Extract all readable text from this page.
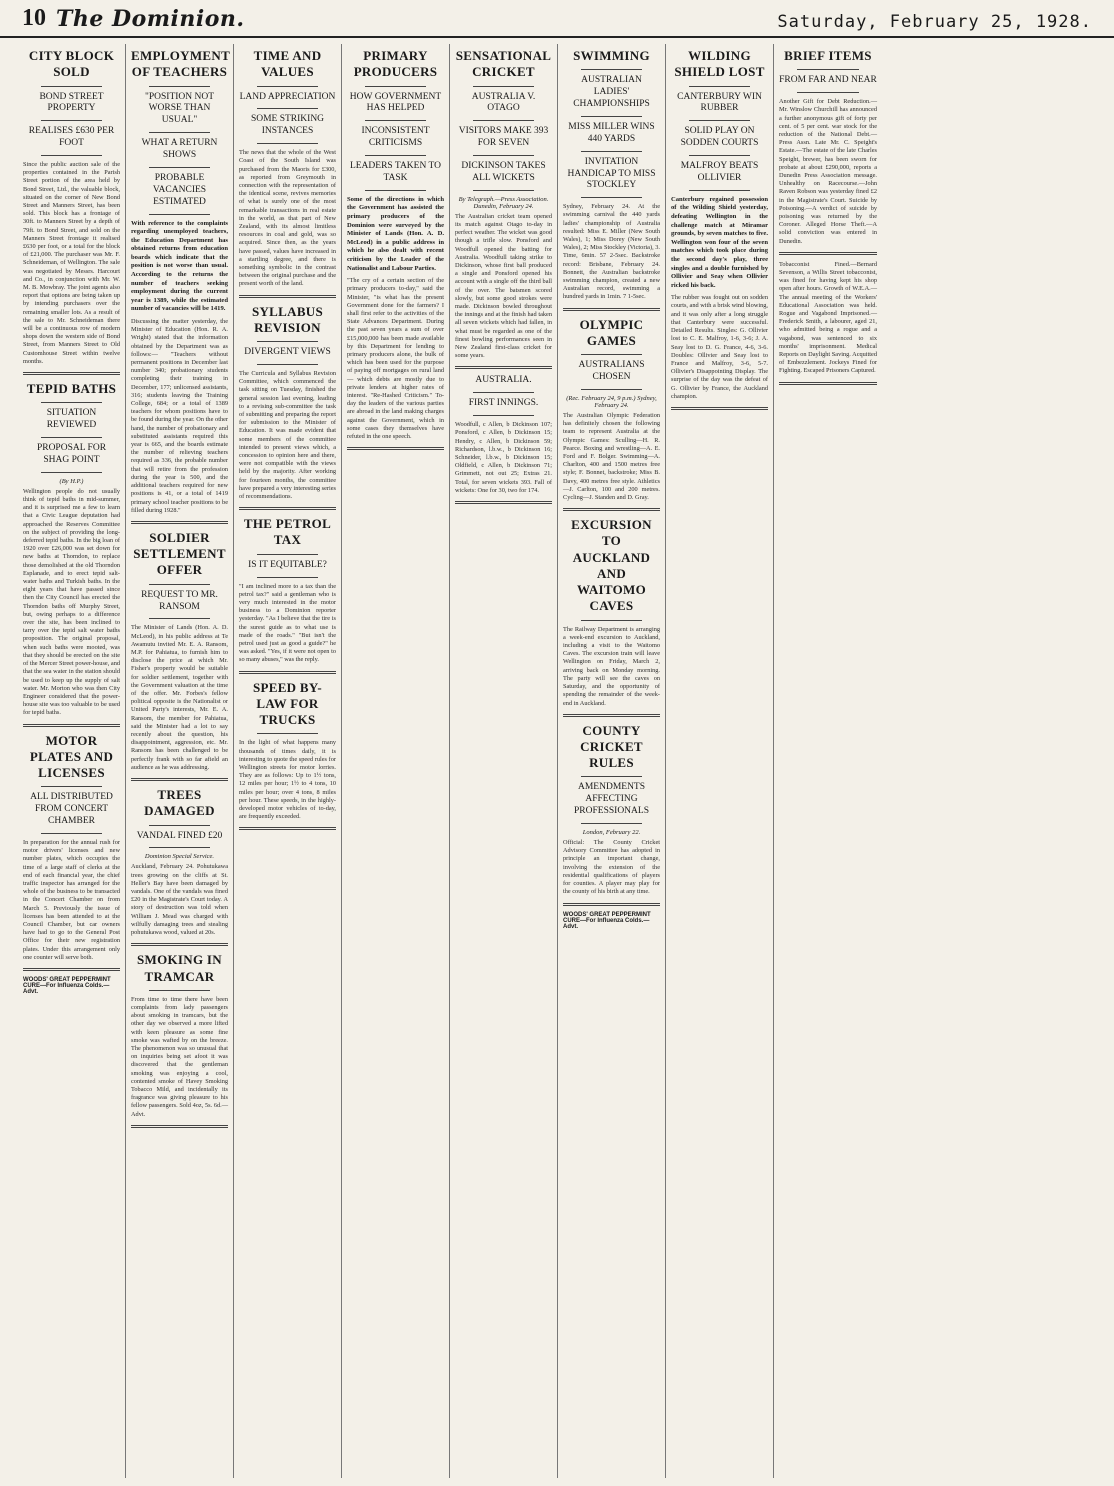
10 The Dominion.	Saturday, February 25, 1928.
CITY BLOCK SOLD
BOND STREET PROPERTY
REALISES £630 PER FOOT
Since the public auction sale of the properties contained in the Parish Street portion of the area held by Bond Street, Ltd., the valuable block, situated on the corner of New Bond Street and Manners Street, has been sold. This block has a frontage of 30ft. to Manners Street by a depth of 79ft. to Bond Street, and sold on the Manners Street frontage it realised £630 per foot, or a total for the block of £21,000. The purchaser was Mr. F. Schneideman, of Wellington. The sale was negotiated by Messrs. Harcourt and Co., in conjunction with Mr. W. M. B. Mowbray. The joint agents also report that options are being taken up by intending purchasers over the remaining smaller lots. As a result of the sale to Mr. Schneideman there will be a continuous row of modern shops down the western side of Bond Street, from Manners Street to Old Customhouse Street within twelve months.
TEPID BATHS
SITUATION REVIEWED
PROPOSAL FOR SHAG POINT
(By H.P.)
Wellington people do not usually think of tepid baths in mid-summer, and it is surprised me a few to learn that a Civic League deputation had approached the Reserves Committee on the subject of providing the long-deferred tepid baths. In the big loan of 1920 over £26,000 was set down for new baths at Thorndon, to replace those demolished at the old Thorndon Esplanade, and to erect tepid salt-water baths and Turkish baths. In the eight years that have passed since then the City Council has erected the Thorndon baths off Murphy Street, but, owing perhaps to a difference over the site, has been inclined to tarry over the tepid salt water baths proposition. The original proposal, when such baths were mooted, was that they should be erected on the site of the Mercer Street power-house, and that the sea water in the station should be used to keep up the supply of salt water. Mr. Morton who was then City Engineer considered that the power-house site was too valuable to be used for tepid baths.
MOTOR PLATES AND LICENSES
ALL DISTRIBUTED FROM CONCERT CHAMBER
In preparation for the annual rush for motor drivers' licenses and new number plates, which occupies the time of a large staff of clerks at the end of each financial year, the chief traffic inspector has arranged for the whole of the business to be transacted in the Concert Chamber on from March 5. Previously the issue of licenses has been attended to at the Council Chamber, but car owners have had to go to the General Post Office for their new registration plates. Under this arrangement only one counter will serve both.
WOODS' GREAT PEPPERMINT CURE—For Influenza Colds.—Advt.
EMPLOYMENT OF TEACHERS
"POSITION NOT WORSE THAN USUAL"
WHAT A RETURN SHOWS
PROBABLE VACANCIES ESTIMATED
With reference to the complaints regarding unemployed teachers, the Education Department has obtained returns from education boards which indicate that the position is not worse than usual. According to the returns the number of teachers seeking employment during the current year is 1389, while the estimated number of vacancies will be 1419.
Discussing the matter yesterday, the Minister of Education (Hon. R. A. Wright) stated that the information obtained by the Department was as follows:— "Teachers without permanent positions in December last number 340; probationary students completing their training in December, 177; unlicensed assistants, 316; students leaving the Training College, 684; or a total of 1389 teachers for whom positions have to be found during the year. On the other hand, the number of probationary and substituted assistants required this year is 665, and the boards estimate the number of relieving teachers required as 336, the probable number that will retire from the profession during the year is 500, and the additional teachers required for new positions is 41, or a total of 1419 primary school teacher positions to be filled during 1928."
SOLDIER SETTLEMENT OFFER
REQUEST TO MR. RANSOM
The Minister of Lands (Hon. A. D. McLeod), in his public address at Te Awamutu invited Mr. E. A. Ransom, M.P. for Pahiatua, to furnish him to disclose the price at which Mr. Fisher's property would be suitable for soldier settlement, together with the Government valuation at the time of the offer. Mr. Forbes's fellow political opposite is the Nationalist or United Party's interests, Mr. E. A. Ransom, the member for Pahiatua, said the Minister had a lot to say recently about the question, his disappointment, aggression, etc. Mr. Ransom has been challenged to be perfectly frank with so far afield an audience as he was addressing.
TREES DAMAGED
VANDAL FINED £20
Dominion Special Service.
Auckland, February 24. Pohutukawa trees growing on the cliffs at St. Heller's Bay have been damaged by vandals. One of the vandals was fined £20 in the Magistrate's Court today. A story of destruction was told when William J. Mead was charged with wilfully damaging trees and stealing pohutukawa wood, valued at 20s.
SMOKING IN TRAMCAR
From time to time there have been complaints from lady passengers about smoking in tramcars, but the other day we observed a more lifted with keen pleasure as some fine smoke was wafted by on the breeze. The phenomenon was so unusual that on inquiries being set afoot it was discovered that the gentleman smoking was enjoying a cool, contented smoke of Havey Smoking Tobacco Mild, and incidentally its fragrance was giving pleasure to his fellow passengers. Sold 4oz, 5s. 6d.—Advt.
TIME AND VALUES
LAND APPRECIATION
SOME STRIKING INSTANCES
The news that the whole of the West Coast of the South Island was purchased from the Maoris for £300, as reported from Greymouth in connection with the representation of the identical scene, revives memories of what is surely one of the most remarkable transactions in real estate in the world, as that part of New Zealand, with its almost limitless resources in coal and gold, was so acquired. Since then, as the years have passed, values have increased in a startling degree, and there is something symbolic in the contrast between the original purchase and the present worth of the land.
SYLLABUS REVISION
DIVERGENT VIEWS
The Curricula and Syllabus Revision Committee, which commenced the task sitting on Tuesday, finished the general session last evening, leading to a revising sub-committee the task of submitting and preparing the report for submission to the Minister of Education. It was made evident that some members of the committee intended to present views which, a concession to opinion here and there, were not compatible with the views held by the majority. After working for fourteen months, the committee have prepared a very interesting series of recommendations.
THE PETROL TAX
IS IT EQUITABLE?
"I am inclined more to a tax than the petrol tax?" said a gentleman who is very much interested in the motor business to a Dominion reporter yesterday. "As I believe that the tire is the surest guide as to what use is made of the roads." "But isn't the petrol used just as good a guide?" he was asked. "Yes, if it were not open to so many abuses," was the reply.
SPEED BY-LAW FOR TRUCKS
In the light of what happens many thousands of times daily, it is interesting to quote the speed rules for Wellington streets for motor lorries. They are as follows: Up to 1½ tons, 12 miles per hour; 1½ to 4 tons, 10 miles per hour; over 4 tons, 8 miles per hour. These speeds, in the highly-developed motor vehicles of to-day, are frequently exceeded.
PRIMARY PRODUCERS
HOW GOVERNMENT HAS HELPED
INCONSISTENT CRITICISMS
LEADERS TAKEN TO TASK
Some of the directions in which the Government has assisted the primary producers of the Dominion were surveyed by the Minister of Lands (Hon. A. D. McLeod) in a public address in which he also dealt with recent criticism by the Leader of the Nationalist and Labour Parties.
"The cry of a certain section of the primary producers to-day," said the Minister, "is what has the present Government done for the farmers? I shall first refer to the activities of the State Advances Department. During the past seven years a sum of over £15,000,000 has been made available by this Department for lending to primary producers alone, the bulk of which has been used for the purpose of paying off mortgages on rural land — which debts are mostly due to private lenders at higher rates of interest. "Re-Hashed Criticism." To-day the leaders of the various parties are abroad in the land making charges against the Government, which in some cases they themselves have refuted in the one speech.
SENSATIONAL CRICKET
AUSTRALIA V. OTAGO
VISITORS MAKE 393 FOR SEVEN
DICKINSON TAKES ALL WICKETS
By Telegraph.—Press Association. Dunedin, February 24.
The Australian cricket team opened its match against Otago to-day in perfect weather. The wicket was good though a trifle slow. Ponsford and Woodfull opened the batting for Australia. Woodfull taking strike to Dickinson, whose first ball produced a single and Ponsford opened his account with a single off the third ball of the over. The batsmen scored slowly, but some good strokes were made. Dickinson bowled throughout the innings and at the finish had taken all seven wickets which had fallen, in what must be regarded as one of the finest bowling performances seen in New Zealand first-class cricket for some years.
AUSTRALIA.
FIRST INNINGS.
Woodfull, c Allen, b Dickinson 107; Ponsford, c Allen, b Dickinson 15; Hendry, c Allen, b Dickinson 59; Richardson, l.b.w., b Dickinson 16; Schneider, l.b.w., b Dickinson 15; Oldfield, c Allen, b Dickinson 71; Grimmett, not out 25; Extras 21. Total, for seven wickets 393. Fall of wickets: One for 30, two for 174.
SWIMMING
AUSTRALIAN LADIES' CHAMPIONSHIPS
MISS MILLER WINS 440 YARDS
INVITATION HANDICAP TO MISS STOCKLEY
Sydney, February 24. At the swimming carnival the 440 yards ladies' championship of Australia resulted: Miss E. Miller (New South Wales), 1; Miss Dorey (New South Wales), 2; Miss Stockley (Victoria), 3. Time, 6min. 57 2-5sec. Backstroke record: Brisbane, February 24. Bonnett, the Australian backstroke swimming champion, created a new Australian record, swimming a hundred yards in 1min. 7 1-5sec.
OLYMPIC GAMES
AUSTRALIANS CHOSEN
(Rec. February 24, 9 p.m.) Sydney, February 24.
The Australian Olympic Federation has definitely chosen the following team to represent Australia at the Olympic Games: Sculling—H. R. Pearce. Boxing and wrestling—A. E. Ford and F. Bolger. Swimming—A. Charlton, 400 and 1500 metres free style; F. Bonnet, backstroke; Miss B. Davy, 400 metres free style. Athletics—J. Carlton, 100 and 200 metres. Cycling—J. Standen and D. Gray.
EXCURSION TO AUCKLAND AND WAITOMO CAVES
The Railway Department is arranging a week-end excursion to Auckland, including a visit to the Waitomo Caves. The excursion train will leave Wellington on Friday, March 2, arriving back on Monday morning. The party will see the caves on Saturday, and the opportunity of spending the remainder of the week-end in Auckland.
COUNTY CRICKET RULES
AMENDMENTS AFFECTING PROFESSIONALS
London, February 22.
Official: The County Cricket Advisory Committee has adopted in principle an important change, involving the extension of the residential qualifications of players for counties. A player may play for the county of his birth at any time.
WOODS' GREAT PEPPERMINT CURE—For Influenza Colds.—Advt.
WILDING SHIELD LOST
CANTERBURY WIN RUBBER
SOLID PLAY ON SODDEN COURTS
MALFROY BEATS OLLIVIER
Canterbury regained possession of the Wilding Shield yesterday, defeating Wellington in the challenge match at Miramar grounds, by seven matches to five. Wellington won four of the seven matches which took place during the second day's play, three singles and a double furnished by Ollivier and Seay when Ollivier ricked his back.
The rubber was fought out on sodden courts, and with a brisk wind blowing, and it was only after a long struggle that Canterbury were successful. Detailed Results. Singles: G. Ollivier lost to C. E. Malfroy, 1-6, 3-6; J. A. Seay lost to D. G. France, 4-6, 3-6. Doubles: Ollivier and Seay lost to France and Malfroy, 3-6, 5-7. Ollivier's Disappointing Display. The surprise of the day was the defeat of G. Ollivier by France, the Auckland champion.
BRIEF ITEMS
FROM FAR AND NEAR
Another Gift for Debt Reduction.—Mr. Winslow Churchill has announced a further anonymous gift of forty per cent. of 5 per cent. war stock for the reduction of the National Debt.—Press Assn. Late Mr. C. Speight's Estate.—The estate of the late Charles Speight, brewer, has been sworn for probate at about £290,000, reports a Dunedin Press Association message. Unhealthy on Racecourse.—John Raven Robson was yesterday fined £2 in the Magistrate's Court. Suicide by Poisoning.—A verdict of suicide by poisoning was returned by the Coroner. Alleged Horse Theft.—A solid conviction was entered in Dunedin.
Tobacconist Fined.—Bernard Sevenson, a Willis Street tobacconist, was fined for having kept his shop open after hours. Growth of W.E.A.—The annual meeting of the Workers' Educational Association was held. Rogue and Vagabond Imprisoned.—Frederick Smith, a labourer, aged 21, who admitted being a rogue and a vagabond, was sentenced to six months' imprisonment. Medical Reports on Daylight Saving. Acquitted of Embezzlement. Jockeys Fined for Fighting. Escaped Prisoners Captured.
